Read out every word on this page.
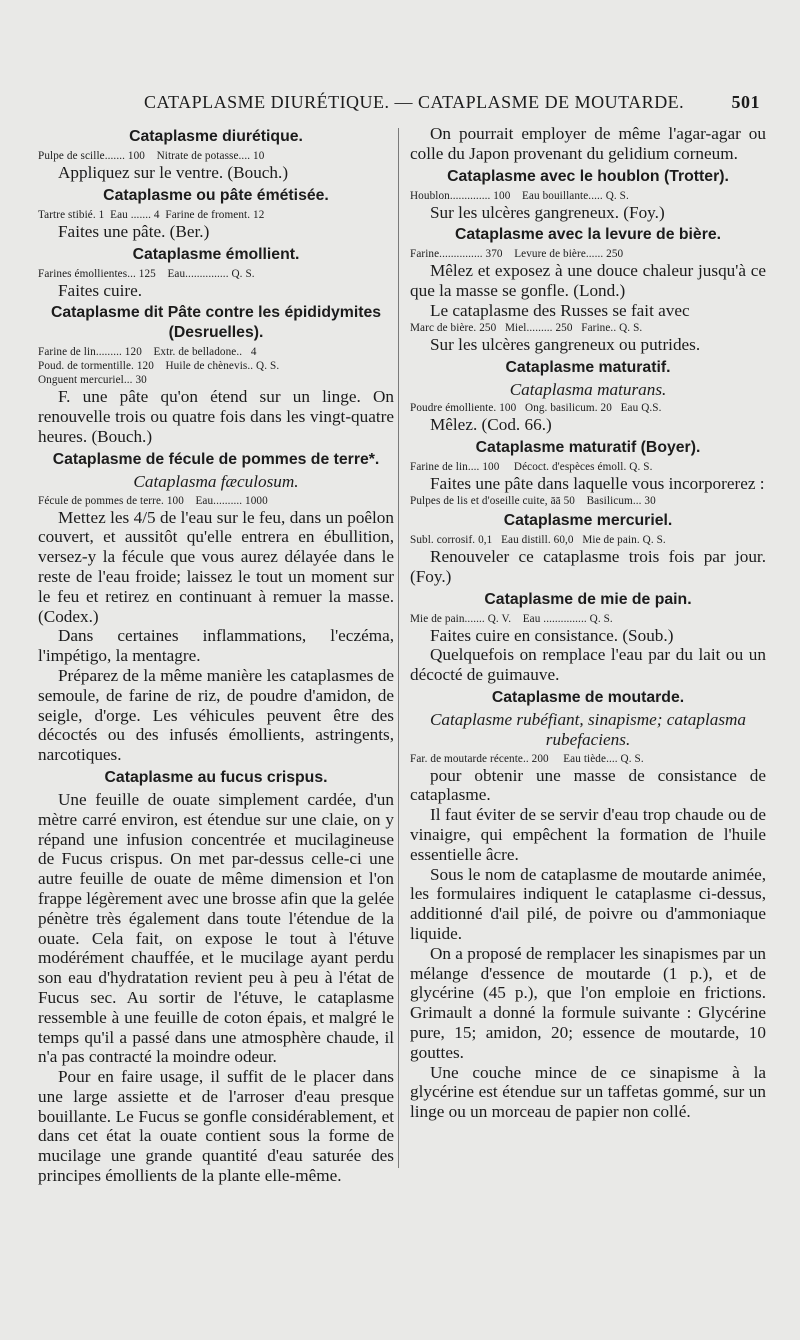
CATAPLASME DIURÉTIQUE. — CATAPLASME DE MOUTARDE.	501
Cataplasme diurétique.
Pulpe de scille....... 100    Nitrate de potasse.... 10
Appliquez sur le ventre. (Bouch.)
Cataplasme ou pâte émétisée.
Tartre stibié. 1  Eau ....... 4  Farine de froment. 12
Faites une pâte. (Ber.)
Cataplasme émollient.
Farines émollientes... 125    Eau............... Q. S.
Faites cuire.
Cataplasme dit Pâte contre les épididymites (Desruelles).
Farine de lin......... 120    Extr. de belladone..   4
Poud. de tormentille. 120    Huile de chènevis.. Q. S.
Onguent mercuriel... 30
F. une pâte qu'on étend sur un linge. On renouvelle trois ou quatre fois dans les vingt-quatre heures. (Bouch.)
Cataplasme de fécule de pommes de terre*.
Cataplasma fæculosum.
Fécule de pommes de terre. 100    Eau.......... 1000
Mettez les 4/5 de l'eau sur le feu, dans un poêlon couvert, et aussitôt qu'elle entrera en ébullition, versez-y la fécule que vous aurez délayée dans le reste de l'eau froide; laissez le tout un moment sur le feu et retirez en continuant à remuer la masse. (Codex.)
Dans certaines inflammations, l'eczéma, l'impétigo, la mentagre.
Préparez de la même manière les cataplasmes de semoule, de farine de riz, de poudre d'amidon, de seigle, d'orge. Les véhicules peuvent être des décoctés ou des infusés émollients, astringents, narcotiques.
Cataplasme au fucus crispus.
Une feuille de ouate simplement cardée, d'un mètre carré environ, est étendue sur une claie, on y répand une infusion concentrée et mucilagineuse de Fucus crispus. On met par-dessus celle-ci une autre feuille de ouate de même dimension et l'on frappe légèrement avec une brosse afin que la gelée pénètre très également dans toute l'étendue de la ouate. Cela fait, on expose le tout à l'étuve modérément chauffée, et le mucilage ayant perdu son eau d'hydratation revient peu à peu à l'état de Fucus sec. Au sortir de l'étuve, le cataplasme ressemble à une feuille de coton épais, et malgré le temps qu'il a passé dans une atmosphère chaude, il n'a pas contracté la moindre odeur.
Pour en faire usage, il suffit de le placer dans une large assiette et de l'arroser d'eau presque bouillante. Le Fucus se gonfle considérablement, et dans cet état la ouate contient sous la forme de mucilage une grande quantité d'eau saturée des principes émollients de la plante elle-même.
On pourrait employer de même l'agar-agar ou colle du Japon provenant du gelidium corneum.
Cataplasme avec le houblon (Trotter).
Houblon.............. 100    Eau bouillante..... Q. S.
Sur les ulcères gangreneux. (Foy.)
Cataplasme avec la levure de bière.
Farine............... 370    Levure de bière...... 250
Mêlez et exposez à une douce chaleur jusqu'à ce que la masse se gonfle. (Lond.)
Le cataplasme des Russes se fait avec
Marc de bière. 250   Miel......... 250   Farine.. Q. S.
Sur les ulcères gangreneux ou putrides.
Cataplasme maturatif.
Cataplasma maturans.
Poudre émolliente. 100   Ong. basilicum. 20   Eau Q.S.
Mêlez. (Cod. 66.)
Cataplasme maturatif (Boyer).
Farine de lin.... 100     Décoct. d'espèces émoll. Q. S.
Faites une pâte dans laquelle vous incorporerez :
Pulpes de lis et d'oseille cuite, āā 50    Basilicum... 30
Cataplasme mercuriel.
Subl. corrosif. 0,1   Eau distill. 60,0   Mie de pain. Q. S.
Renouveler ce cataplasme trois fois par jour. (Foy.)
Cataplasme de mie de pain.
Mie de pain....... Q. V.    Eau ............... Q. S.
Faites cuire en consistance. (Soub.)
Quelquefois on remplace l'eau par du lait ou un décocté de guimauve.
Cataplasme de moutarde.
Cataplasme rubéfiant, sinapisme; cataplasma rubefaciens.
Far. de moutarde récente.. 200     Eau tiède.... Q. S.
pour obtenir une masse de consistance de cataplasme.
Il faut éviter de se servir d'eau trop chaude ou de vinaigre, qui empêchent la formation de l'huile essentielle âcre.
Sous le nom de cataplasme de moutarde animée, les formulaires indiquent le cataplasme ci-dessus, additionné d'ail pilé, de poivre ou d'ammoniaque liquide.
On a proposé de remplacer les sinapismes par un mélange d'essence de moutarde (1 p.), et de glycérine (45 p.), que l'on emploie en frictions. Grimault a donné la formule suivante : Glycérine pure, 15; amidon, 20; essence de moutarde, 10 gouttes.
Une couche mince de ce sinapisme à la glycérine est étendue sur un taffetas gommé, sur un linge ou un morceau de papier non collé.
